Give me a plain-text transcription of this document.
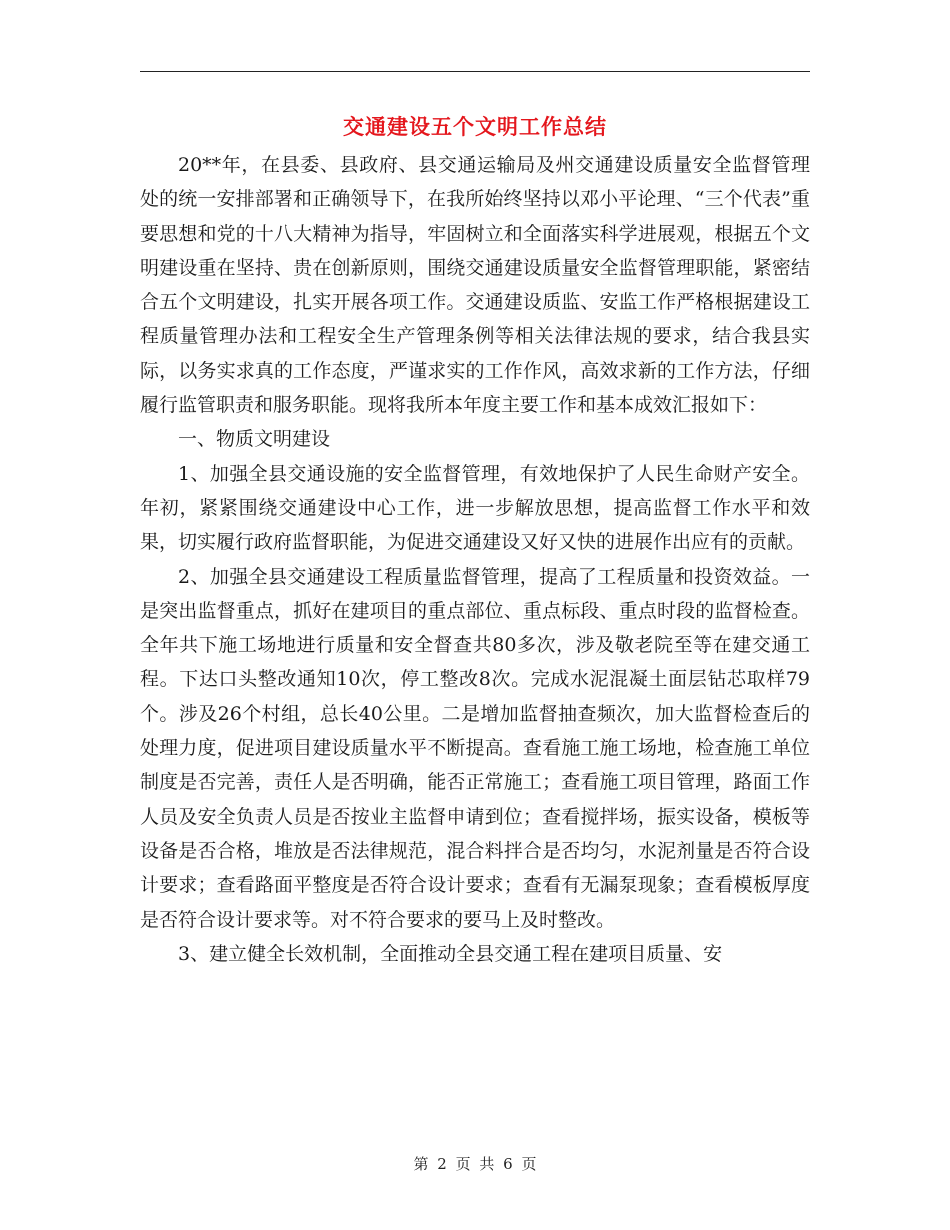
交通建设五个文明工作总结

20**年，在县委、县政府、县交通运输局及州交通建设质量安全监督管理处的统一安排部署和正确领导下，在我所始终坚持以邓小平论理、“三个代表”重要思想和党的十八大精神为指导，牢固树立和全面落实科学进展观，根据五个文明建设重在坚持、贵在创新原则，围绕交通建设质量安全监督管理职能，紧密结合五个文明建设，扎实开展各项工作。交通建设质监、安监工作严格根据建设工程质量管理办法和工程安全生产管理条例等相关法律法规的要求，结合我县实际，以务实求真的工作态度，严谨求实的工作作风，高效求新的工作方法，仔细履行监管职责和服务职能。现将我所本年度主要工作和基本成效汇报如下：

一、物质文明建设

1、加强全县交通设施的安全监督管理，有效地保护了人民生命财产安全。年初，紧紧围绕交通建设中心工作，进一步解放思想，提高监督工作水平和效果，切实履行政府监督职能，为促进交通建设又好又快的进展作出应有的贡献。

2、加强全县交通建设工程质量监督管理，提高了工程质量和投资效益。一是突出监督重点，抓好在建项目的重点部位、重点标段、重点时段的监督检查。全年共下施工场地进行质量和安全督查共80多次，涉及敬老院至等在建交通工程。下达口头整改通知10次，停工整改8次。完成水泥混凝土面层钻芯取样79个。涉及26个村组，总长40公里。二是增加监督抽查频次，加大监督检查后的处理力度，促进项目建设质量水平不断提高。查看施工施工场地，检查施工单位制度是否完善，责任人是否明确，能否正常施工；查看施工项目管理，路面工作人员及安全负责人员是否按业主监督申请到位；查看搅拌场，振实设备，模板等设备是否合格，堆放是否法律规范，混合料拌合是否均匀，水泥剂量是否符合设计要求；查看路面平整度是否符合设计要求；查看有无漏泵现象；查看模板厚度是否符合设计要求等。对不符合要求的要马上及时整改。

3、建立健全长效机制，全面推动全县交通工程在建项目质量、安

第 2 页 共 6 页
